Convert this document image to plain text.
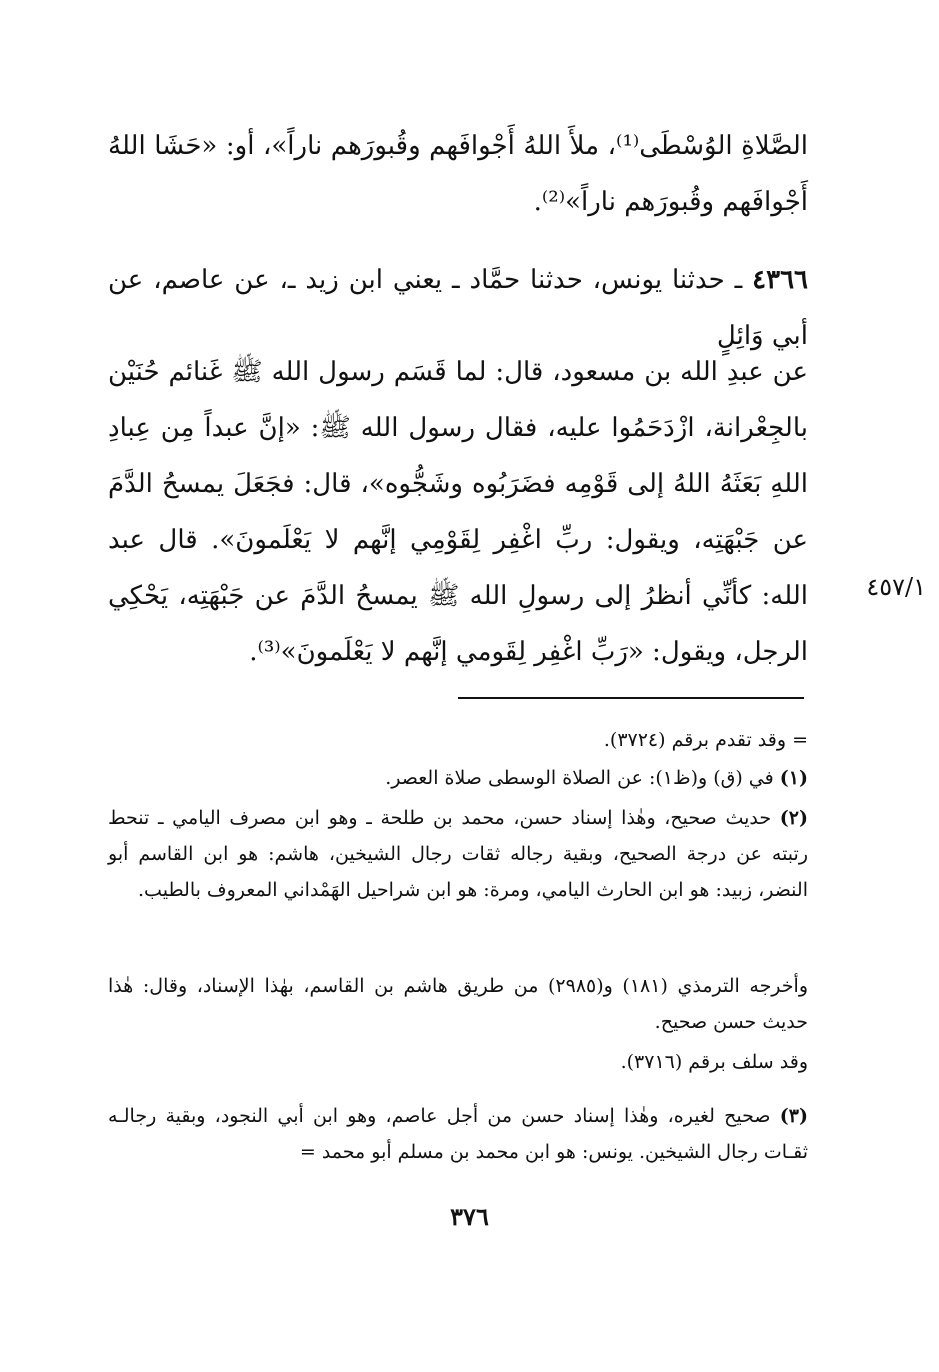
الصَّلاةِ الوُسْطَى⁽¹⁾، ملأَ اللهُ أَجْوافَهم وقُبورَهم ناراً»، أو: «حَشَا اللهُ أَجْوافَهم وقُبورَهم ناراً»⁽²⁾.

٤٣٦٦ ـ حدثنا يونس، حدثنا حمَّاد ـ يعني ابن زيد ـ، عن عاصم، عن أبي وَائِلٍ

عن عبدِ الله بن مسعود، قال: لما قَسَم رسول الله ﷺ غَنائم حُنَيْن بالجِعْرانة، ازْدَحَمُوا عليه، فقال رسول الله ﷺ: «إنَّ عبداً مِن عِبادِ اللهِ بَعَثَهُ اللهُ إلى قَوْمِه فضَرَبُوه وشَجُّوه»، قال: فجَعَلَ يمسحُ الدَّمَ عن جَبْهَتِه، ويقول: ربِّ اغْفِر لِقَوْمِي إنَّهم لا يَعْلَمونَ». قال عبد الله: كأنِّي أنظرُ إلى رسولِ الله ﷺ يمسحُ الدَّمَ عن جَبْهَتِه، يَحْكِي الرجل، ويقول: «رَبِّ اغْفِر لِقَومي إنَّهم لا يَعْلَمونَ»⁽³⁾.

٤٥٧/١

= وقد تقدم برقم (٣٧٢٤).

(١) في (ق) و(ظ١): عن الصلاة الوسطى صلاة العصر.

(٢) حديث صحيح، وهٰذا إسناد حسن، محمد بن طلحة ـ وهو ابن مصرف اليامي ـ تنحط رتبته عن درجة الصحيح، وبقية رجاله ثقات رجال الشيخين، هاشم: هو ابن القاسم أبو النضر، زبيد: هو ابن الحارث اليامي، ومرة: هو ابن شراحيل الهَمْداني المعروف بالطيب.

وأخرجه الترمذي (١٨١) و(٢٩٨٥) من طريق هاشم بن القاسم، بهٰذا الإسناد، وقال: هٰذا حديث حسن صحيح.

وقد سلف برقم (٣٧١٦).

(٣) صحيح لغيره، وهٰذا إسناد حسن من أجل عاصم، وهو ابن أبي النجود، وبقية رجالـه ثقـات رجال الشيخين. يونس: هو ابن محمد بن مسلم أبو محمد =

٣٧٦
